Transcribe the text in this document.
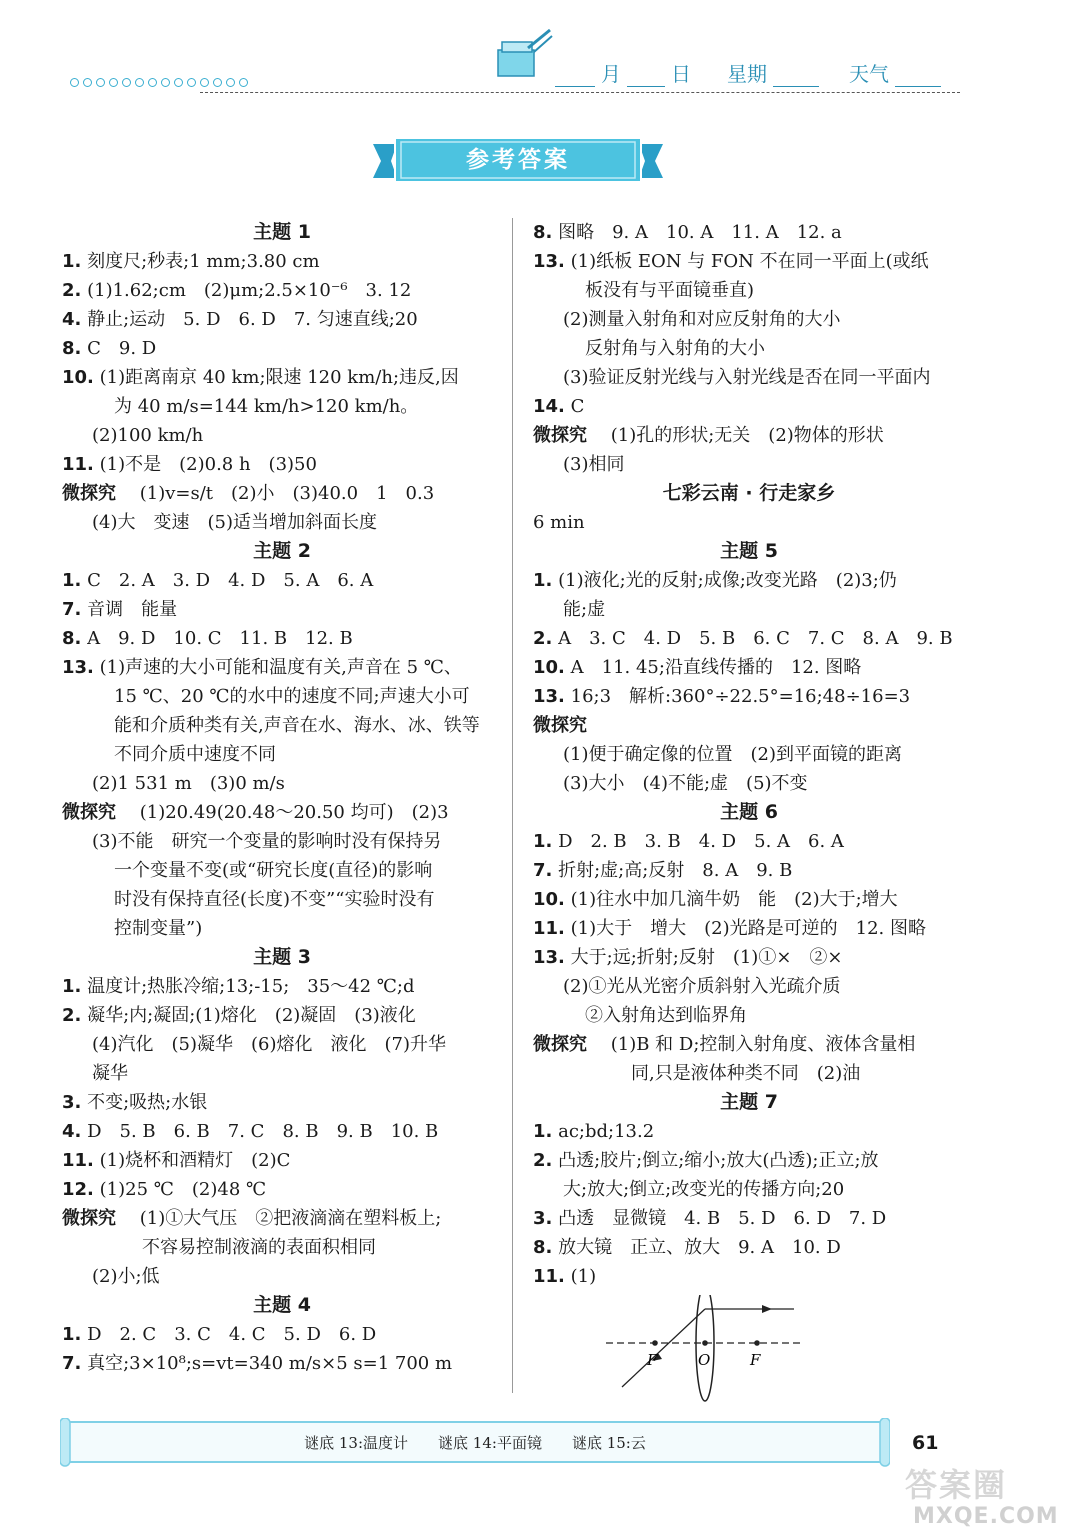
月	日 星期	天气
参考答案
主题 1
1. 刻度尺;秒表;1 mm;3.80 cm
2. (1)1.62;cm　(2)μm;2.5×10⁻⁶　3. 12
4. 静止;运动　5. D　6. D　7. 匀速直线;20
8. C　9. D
10. (1)距离南京 40 km;限速 120 km/h;违反,因
为 40 m/s=144 km/h>120 km/h。
(2)100 km/h
11. (1)不是　(2)0.8 h　(3)50
微探究 　(1)v=s/t　(2)小　(3)40.0　1　0.3
(4)大　变速　(5)适当增加斜面长度
主题 2
1. C　2. A　3. D　4. D　5. A　6. A
7. 音调　能量
8. A　9. D　10. C　11. B　12. B
13. (1)声速的大小可能和温度有关,声音在 5 ℃、
15 ℃、20 ℃的水中的速度不同;声速大小可
能和介质种类有关,声音在水、海水、冰、铁等
不同介质中速度不同
(2)1 531 m　(3)0 m/s
微探究 　(1)20.49(20.48～20.50 均可)　(2)3
(3)不能　研究一个变量的影响时没有保持另
一个变量不变(或“研究长度(直径)的影响
时没有保持直径(长度)不变”“实验时没有
控制变量”)
主题 3
1. 温度计;热胀冷缩;13;-15;　35～42 ℃;d
2. 凝华;内;凝固;(1)熔化　(2)凝固　(3)液化
(4)汽化　(5)凝华　(6)熔化　液化　(7)升华
凝华
3. 不变;吸热;水银
4. D　5. B　6. B　7. C　8. B　9. B　10. B
11. (1)烧杯和酒精灯　(2)C
12. (1)25 ℃　(2)48 ℃
微探究 　(1)①大气压　②把液滴滴在塑料板上;
不容易控制液滴的表面积相同
(2)小;低
主题 4
1. D　2. C　3. C　4. C　5. D　6. D
7. 真空;3×10⁸;s=vt=340 m/s×5 s=1 700 m
8. 图略　9. A　10. A　11. A　12. a
13. (1)纸板 EON 与 FON 不在同一平面上(或纸
板没有与平面镜垂直)
(2)测量入射角和对应反射角的大小
反射角与入射角的大小
(3)验证反射光线与入射光线是否在同一平面内
14. C
微探究 　(1)孔的形状;无关　(2)物体的形状
(3)相同
七彩云南 · 行走家乡
6 min
主题 5
1. (1)液化;光的反射;成像;改变光路　(2)3;仍
能;虚
2. A　3. C　4. D　5. B　6. C　7. C　8. A　9. B
10. A　11. 45;沿直线传播的　12. 图略
13. 16;3　解析:360°÷22.5°=16;48÷16=3
微探究
(1)便于确定像的位置　(2)到平面镜的距离
(3)大小　(4)不能;虚　(5)不变
主题 6
1. D　2. B　3. B　4. D　5. A　6. A
7. 折射;虚;高;反射　8. A　9. B
10. (1)往水中加几滴牛奶　能　(2)大于;增大
11. (1)大于　增大　(2)光路是可逆的　12. 图略
13. 大于;远;折射;反射　(1)①×　②×
(2)①光从光密介质斜射入光疏介质
②入射角达到临界角
微探究 　(1)B 和 D;控制入射角度、液体含量相
　同,只是液体种类不同　(2)油
主题 7
1. ac;bd;13.2
2. 凸透;胶片;倒立;缩小;放大(凸透);正立;放
大;放大;倒立;改变光的传播方向;20
3. 凸透　显微镜　4. B　5. D　6. D　7. D
8. 放大镜　正立、放大　9. A　10. D
11. (1)
F	O	F
谜底 13:温度计　　谜底 14:平面镜　　谜底 15:云	61
答案圈
MXQE.COM
